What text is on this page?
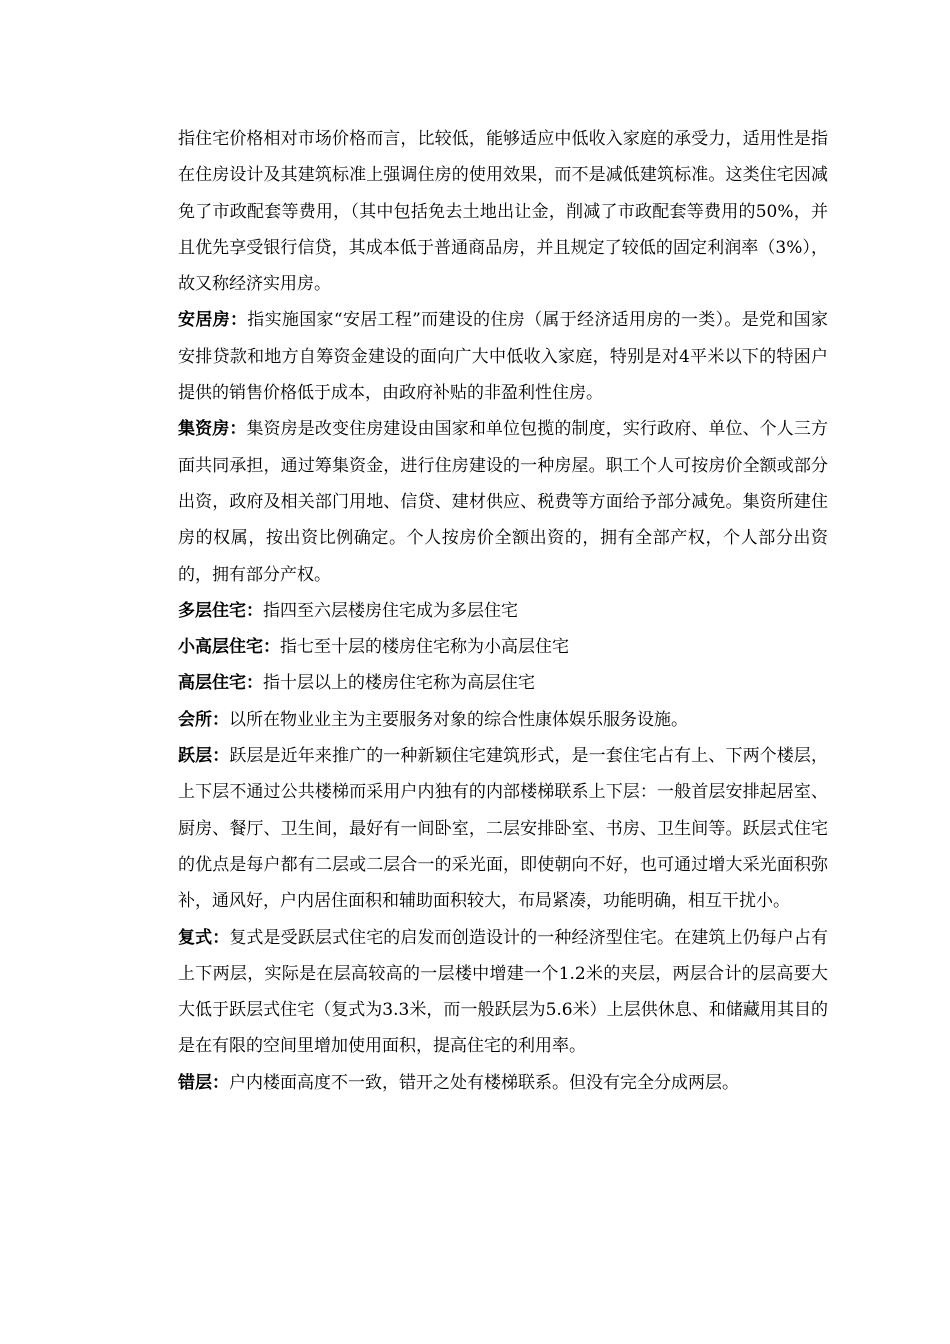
指住宅价格相对市场价格而言，比较低，能够适应中低收入家庭的承受力，适用性是指在住房设计及其建筑标准上强调住房的使用效果，而不是减低建筑标准。这类住宅因减免了市政配套等费用，（其中包括免去土地出让金，削减了市政配套等费用的50%，并且优先享受银行信贷，其成本低于普通商品房，并且规定了较低的固定利润率（3%），故又称经济实用房。

安居房：指实施国家“安居工程”而建设的住房（属于经济适用房的一类）。是党和国家安排贷款和地方自筹资金建设的面向广大中低收入家庭，特别是对4平米以下的特困户提供的销售价格低于成本，由政府补贴的非盈利性住房。

集资房：集资房是改变住房建设由国家和单位包揽的制度，实行政府、单位、个人三方面共同承担，通过筹集资金，进行住房建设的一种房屋。职工个人可按房价全额或部分出资，政府及相关部门用地、信贷、建材供应、税费等方面给予部分减免。集资所建住房的权属，按出资比例确定。个人按房价全额出资的，拥有全部产权，个人部分出资的，拥有部分产权。

多层住宅：指四至六层楼房住宅成为多层住宅

小高层住宅：指七至十层的楼房住宅称为小高层住宅

高层住宅：指十层以上的楼房住宅称为高层住宅

会所：以所在物业业主为主要服务对象的综合性康体娱乐服务设施。

跃层：跃层是近年来推广的一种新颖住宅建筑形式，是一套住宅占有上、下两个楼层，上下层不通过公共楼梯而采用户内独有的内部楼梯联系上下层：一般首层安排起居室、厨房、餐厅、卫生间，最好有一间卧室，二层安排卧室、书房、卫生间等。跃层式住宅的优点是每户都有二层或二层合一的采光面，即使朝向不好，也可通过增大采光面积弥补，通风好，户内居住面积和辅助面积较大，布局紧凑，功能明确，相互干扰小。

复式：复式是受跃层式住宅的启发而创造设计的一种经济型住宅。在建筑上仍每户占有上下两层，实际是在层高较高的一层楼中增建一个1.2米的夹层，两层合计的层高要大大低于跃层式住宅（复式为3.3米，而一般跃层为5.6米）上层供休息、和储藏用其目的是在有限的空间里增加使用面积，提高住宅的利用率。

错层：户内楼面高度不一致，错开之处有楼梯联系。但没有完全分成两层。
